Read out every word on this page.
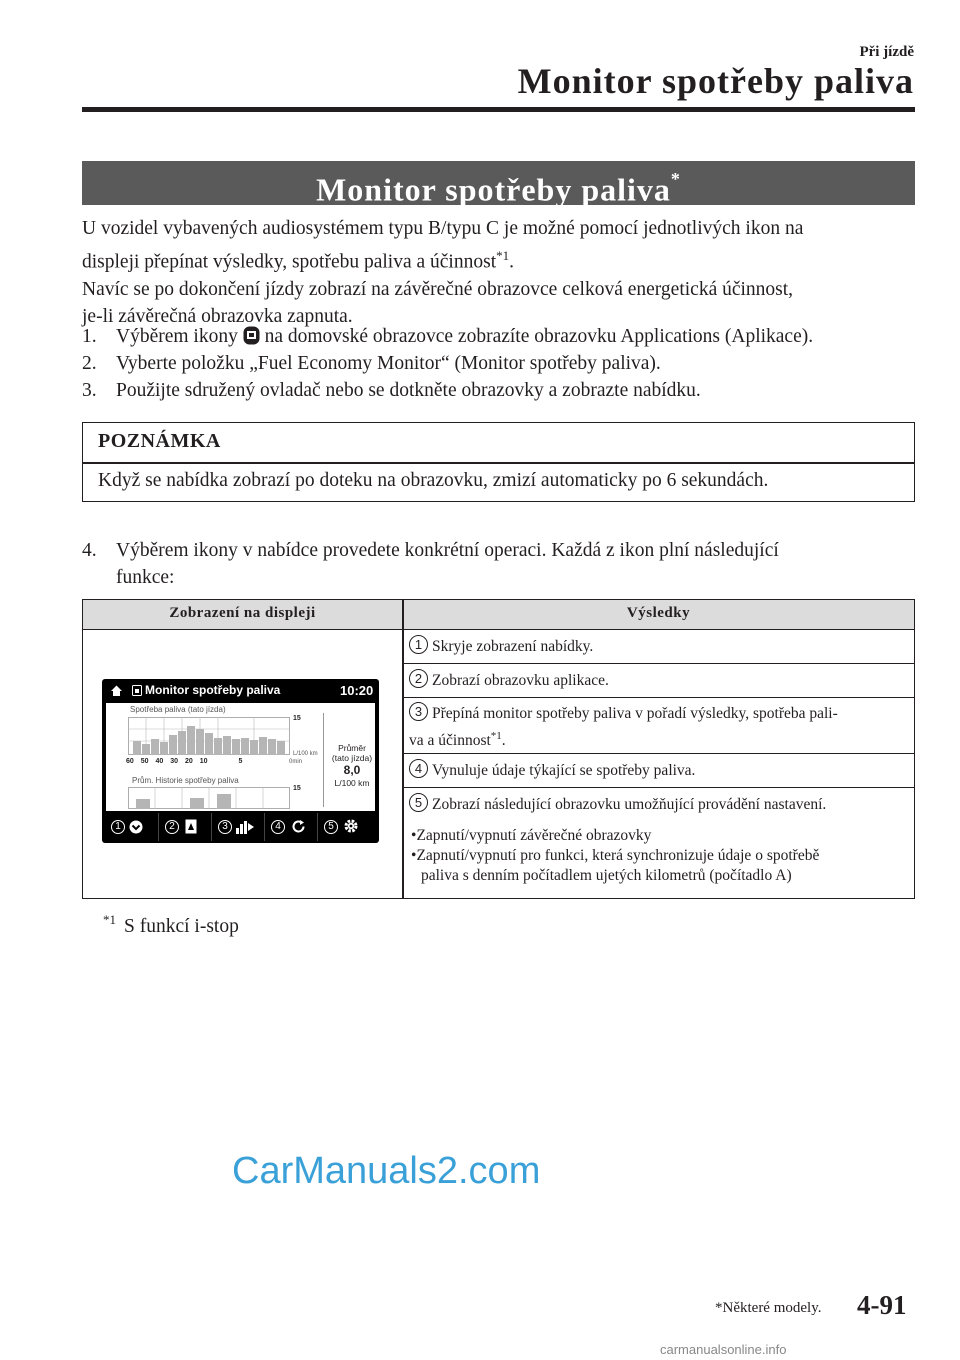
Při jízdě
Monitor spotřeby paliva
Monitor spotřeby paliva*
U vozidel vybavených audiosystémem typu B/typu C je možné pomocí jednotlivých ikon na
displeji přepínat výsledky, spotřebu paliva a účinnost$^{*1}$.
Navíc se po dokončení jízdy zobrazí na závěrečné obrazovce celková energetická účinnost,
je-li závěrečná obrazovka zapnuta.
1. Výběrem ikony na domovské obrazovce zobrazíte obrazovku Applications (Aplikace).
2. Vyberte položku „Fuel Economy Monitor“ (Monitor spotřeby paliva).
3. Použijte sdružený ovladač nebo se dotkněte obrazovky a zobrazte nabídku.
POZNÁMKA
Když se nabídka zobrazí po doteku na obrazovku, zmizí automaticky po 6 sekundách.
4. Výběrem ikony v nabídce provedete konkrétní operaci. Každá z ikon plní následující
funkce:
Zobrazení na displeji	Výsledky
1 Skryje zobrazení nabídky.
2 Zobrazí obrazovku aplikace.
3 Přepíná monitor spotřeby paliva v pořadí výsledky, spotřeba pali-
va a účinnost$^{*1}$.
4 Vynuluje údaje týkající se spotřeby paliva.
5 Zobrazí následující obrazovku umožňující provádění nastavení.
•Zapnutí/vypnutí závěrečné obrazovky
•Zapnutí/vypnutí pro funkci, která synchronizuje údaje o spotřebě
paliva s denním počítadlem ujetých kilometrů (počítadlo A)
Monitor spotřeby paliva	10:20
Spotřeba paliva (tato jízda)
15
L/100 km
0min
60 50 40 30 20 10	5
Průměr
(tato jízda)
8,0
L/100 km
Prům. Historie spotřeby paliva
15
1	2	3	4	5
$^{*1}$ S funkcí i-stop
CarManuals2.com
*Některé modely. 4-91
carmanualsonline.info
